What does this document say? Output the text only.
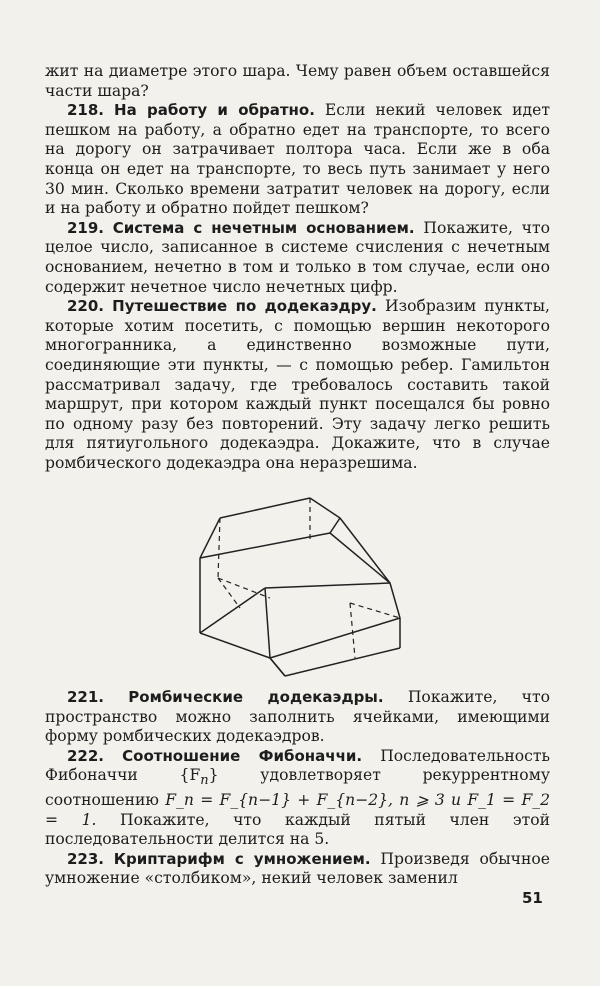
жит на диаметре этого шара. Чему равен объем оставшейся части шара?

218. На работу и обратно. Если некий человек идет пешком на работу, а обратно едет на транспорте, то всего на дорогу он затрачивает полтора часа. Если же в оба конца он едет на транспорте, то весь путь занимает у него 30 мин. Сколько времени затратит человек на дорогу, если и на работу и обратно пойдет пешком?

219. Система с нечетным основанием. Покажите, что целое число, записанное в системе счисления с нечетным основанием, нечетно в том и только в том случае, если оно содержит нечетное число нечетных цифр.

220. Путешествие по додекаэдру. Изобразим пункты, которые хотим посетить, с помощью вершин некоторого многогранника, а единственно возможные пути, соединяющие эти пункты, — с помощью ребер. Гамильтон рассматривал задачу, где требовалось составить такой маршрут, при котором каждый пункт посещался бы ровно по одному разу без повторений. Эту задачу легко решить для пятиугольного додекаэдра. Докажите, что в случае ромбического додекаэдра она неразрешима.

221. Ромбические додекаэдры. Покажите, что пространство можно заполнить ячейками, имеющими форму ромбических додекаэдров.

222. Соотношение Фибоначчи. Последовательность Фибоначчи $\{F_n\}$ удовлетворяет рекуррентному соотношению F_n = F_{n−1} + F_{n−2}, n ⩾ 3 и F_1 = F_2 = 1. Покажите, что каждый пятый член этой последовательности делится на 5.

223. Криптарифм с умножением. Произведя обычное умножение «столбиком», некий человек заменил

51
